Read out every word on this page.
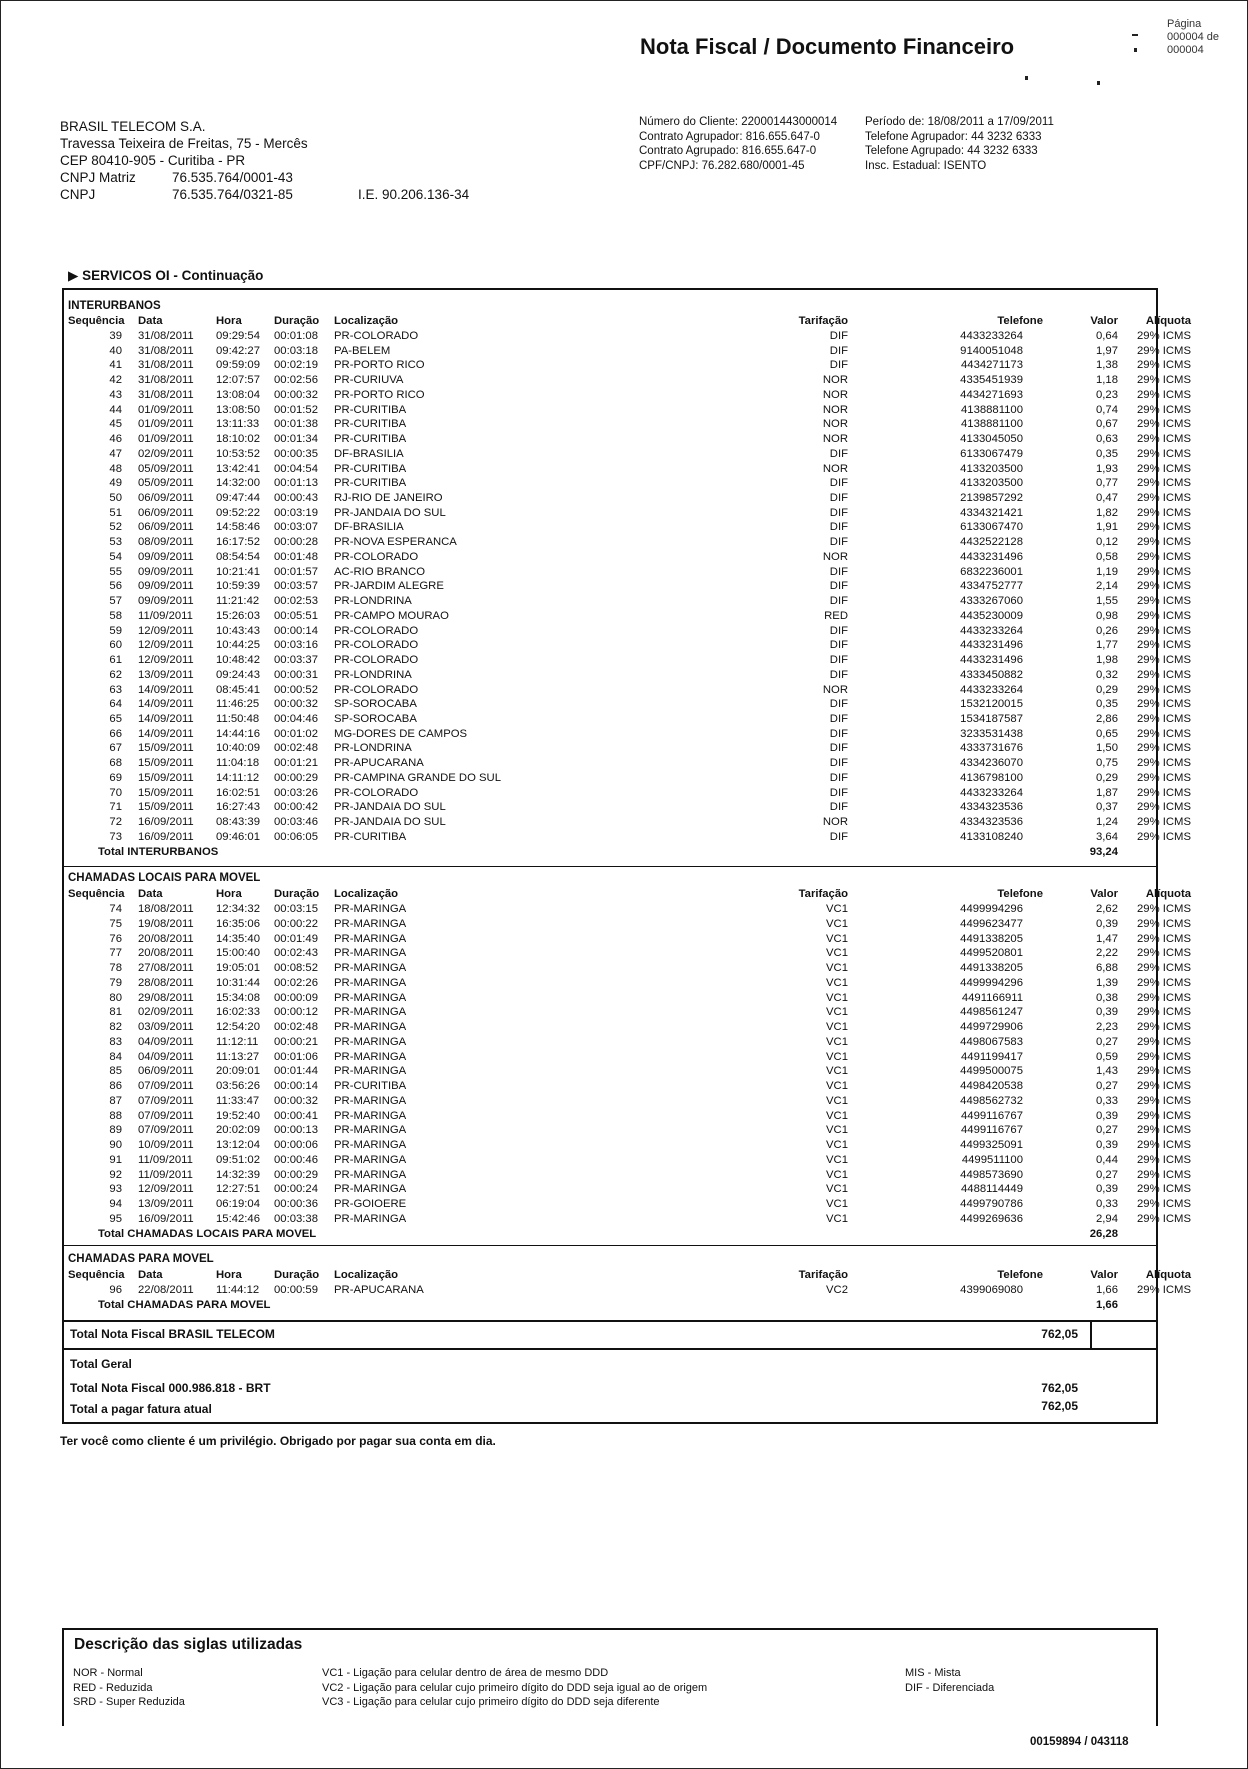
Nota Fiscal / Documento Financeiro
Página
000004 de
000004
BRASIL TELECOM S.A.
Travessa Teixeira de Freitas, 75 - Mercês
CEP 80410-905 - Curitiba - PR
CNPJ Matriz	76.535.764/0001-43
CNPJ	76.535.764/0321-85	I.E. 90.206.136-34
Número do Cliente: 220001443000014
Contrato Agrupador: 816.655.647-0
Contrato Agrupado: 816.655.647-0
CPF/CNPJ: 76.282.680/0001-45
Período de: 18/08/2011 a 17/09/2011
Telefone Agrupador: 44 3232 6333
Telefone Agrupado: 44 3232 6333
Insc. Estadual: ISENTO
▶ SERVICOS OI - Continuação
INTERURBANOS
Sequência Data	Hora	Duração Localização	Tarifação	Telefone	Valor	Alíquota
39 31/08/2011 09:29:54 00:01:08 PR-COLORADO	DIF	4433233264	0,64	29% ICMS
40 31/08/2011 09:42:27 00:03:18 PA-BELEM	DIF	9140051048	1,97	29% ICMS
41 31/08/2011 09:59:09 00:02:19 PR-PORTO RICO	DIF	4434271173	1,38	29% ICMS
42 31/08/2011 12:07:57 00:02:56 PR-CURIUVA	NOR	4335451939	1,18	29% ICMS
43 31/08/2011 13:08:04 00:00:32 PR-PORTO RICO	NOR	4434271693	0,23	29% ICMS
44 01/09/2011 13:08:50 00:01:52 PR-CURITIBA	NOR	4138881100	0,74	29% ICMS
45 01/09/2011 13:11:33 00:01:38 PR-CURITIBA	NOR	4138881100	0,67	29% ICMS
46 01/09/2011 18:10:02 00:01:34 PR-CURITIBA	NOR	4133045050	0,63	29% ICMS
47 02/09/2011 10:53:52 00:00:35 DF-BRASILIA	DIF	6133067479	0,35	29% ICMS
48 05/09/2011 13:42:41 00:04:54 PR-CURITIBA	NOR	4133203500	1,93	29% ICMS
49 05/09/2011 14:32:00 00:01:13 PR-CURITIBA	DIF	4133203500	0,77	29% ICMS
50 06/09/2011 09:47:44 00:00:43 RJ-RIO DE JANEIRO	DIF	2139857292	0,47	29% ICMS
51 06/09/2011 09:52:22 00:03:19 PR-JANDAIA DO SUL	DIF	4334321421	1,82	29% ICMS
52 06/09/2011 14:58:46 00:03:07 DF-BRASILIA	DIF	6133067470	1,91	29% ICMS
53 08/09/2011 16:17:52 00:00:28 PR-NOVA ESPERANCA	DIF	4432522128	0,12	29% ICMS
54 09/09/2011 08:54:54 00:01:48 PR-COLORADO	NOR	4433231496	0,58	29% ICMS
55 09/09/2011 10:21:41 00:01:57 AC-RIO BRANCO	DIF	6832236001	1,19	29% ICMS
56 09/09/2011 10:59:39 00:03:57 PR-JARDIM ALEGRE	DIF	4334752777	2,14	29% ICMS
57 09/09/2011 11:21:42 00:02:53 PR-LONDRINA	DIF	4333267060	1,55	29% ICMS
58 11/09/2011 15:26:03 00:05:51 PR-CAMPO MOURAO	RED	4435230009	0,98	29% ICMS
59 12/09/2011 10:43:43 00:00:14 PR-COLORADO	DIF	4433233264	0,26	29% ICMS
60 12/09/2011 10:44:25 00:03:16 PR-COLORADO	DIF	4433231496	1,77	29% ICMS
61 12/09/2011 10:48:42 00:03:37 PR-COLORADO	DIF	4433231496	1,98	29% ICMS
62 13/09/2011 09:24:43 00:00:31 PR-LONDRINA	DIF	4333450882	0,32	29% ICMS
63 14/09/2011 08:45:41 00:00:52 PR-COLORADO	NOR	4433233264	0,29	29% ICMS
64 14/09/2011 11:46:25 00:00:32 SP-SOROCABA	DIF	1532120015	0,35	29% ICMS
65 14/09/2011 11:50:48 00:04:46 SP-SOROCABA	DIF	1534187587	2,86	29% ICMS
66 14/09/2011 14:44:16 00:01:02 MG-DORES DE CAMPOS	DIF	3233531438	0,65	29% ICMS
67 15/09/2011 10:40:09 00:02:48 PR-LONDRINA	DIF	4333731676	1,50	29% ICMS
68 15/09/2011 11:04:18 00:01:21 PR-APUCARANA	DIF	4334236070	0,75	29% ICMS
69 15/09/2011 14:11:12 00:00:29 PR-CAMPINA GRANDE DO SUL	DIF	4136798100	0,29	29% ICMS
70 15/09/2011 16:02:51 00:03:26 PR-COLORADO	DIF	4433233264	1,87	29% ICMS
71 15/09/2011 16:27:43 00:00:42 PR-JANDAIA DO SUL	DIF	4334323536	0,37	29% ICMS
72 16/09/2011 08:43:39 00:03:46 PR-JANDAIA DO SUL	NOR	4334323536	1,24	29% ICMS
73 16/09/2011 09:46:01 00:06:05 PR-CURITIBA	DIF	4133108240	3,64	29% ICMS
Total INTERURBANOS	93,24
CHAMADAS LOCAIS PARA MOVEL
Sequência Data	Hora	Duração Localização	Tarifação	Telefone	Valor	Alíquota
74 18/08/2011 12:34:32 00:03:15 PR-MARINGA	VC1	4499994296	2,62	29% ICMS
75 19/08/2011 16:35:06 00:00:22 PR-MARINGA	VC1	4499623477	0,39	29% ICMS
76 20/08/2011 14:35:40 00:01:49 PR-MARINGA	VC1	4491338205	1,47	29% ICMS
77 20/08/2011 15:00:40 00:02:43 PR-MARINGA	VC1	4499520801	2,22	29% ICMS
78 27/08/2011 19:05:01 00:08:52 PR-MARINGA	VC1	4491338205	6,88	29% ICMS
79 28/08/2011 10:31:44 00:02:26 PR-MARINGA	VC1	4499994296	1,39	29% ICMS
80 29/08/2011 15:34:08 00:00:09 PR-MARINGA	VC1	4491166911	0,38	29% ICMS
81 02/09/2011 16:02:33 00:00:12 PR-MARINGA	VC1	4498561247	0,39	29% ICMS
82 03/09/2011 12:54:20 00:02:48 PR-MARINGA	VC1	4499729906	2,23	29% ICMS
83 04/09/2011 11:12:11 00:00:21 PR-MARINGA	VC1	4498067583	0,27	29% ICMS
84 04/09/2011 11:13:27 00:01:06 PR-MARINGA	VC1	4491199417	0,59	29% ICMS
85 06/09/2011 20:09:01 00:01:44 PR-MARINGA	VC1	4499500075	1,43	29% ICMS
86 07/09/2011 03:56:26 00:00:14 PR-CURITIBA	VC1	4498420538	0,27	29% ICMS
87 07/09/2011 11:33:47 00:00:32 PR-MARINGA	VC1	4498562732	0,33	29% ICMS
88 07/09/2011 19:52:40 00:00:41 PR-MARINGA	VC1	4499116767	0,39	29% ICMS
89 07/09/2011 20:02:09 00:00:13 PR-MARINGA	VC1	4499116767	0,27	29% ICMS
90 10/09/2011 13:12:04 00:00:06 PR-MARINGA	VC1	4499325091	0,39	29% ICMS
91 11/09/2011 09:51:02 00:00:46 PR-MARINGA	VC1	4499511100	0,44	29% ICMS
92 11/09/2011 14:32:39 00:00:29 PR-MARINGA	VC1	4498573690	0,27	29% ICMS
93 12/09/2011 12:27:51 00:00:24 PR-MARINGA	VC1	4488114449	0,39	29% ICMS
94 13/09/2011 06:19:04 00:00:36 PR-GOIOERE	VC1	4499790786	0,33	29% ICMS
95 16/09/2011 15:42:46 00:03:38 PR-MARINGA	VC1	4499269636	2,94	29% ICMS
Total CHAMADAS LOCAIS PARA MOVEL	26,28
CHAMADAS PARA MOVEL
Sequência Data	Hora	Duração Localização	Tarifação	Telefone	Valor	Alíquota
96 22/08/2011 11:44:12 00:00:59 PR-APUCARANA	VC2	4399069080	1,66	29% ICMS
Total CHAMADAS PARA MOVEL	1,66
Total Nota Fiscal BRASIL TELECOM	762,05
Total Geral
Total Nota Fiscal 000.986.818 - BRT	762,05
Total a pagar fatura atual	762,05
Ter você como cliente é um privilégio. Obrigado por pagar sua conta em dia.
Descrição das siglas utilizadas
NOR - Normal
RED - Reduzida
SRD - Super Reduzida
VC1 - Ligação para celular dentro de área de mesmo DDD
VC2 - Ligação para celular cujo primeiro dígito do DDD seja igual ao de origem
VC3 - Ligação para celular cujo primeiro dígito do DDD seja diferente
MIS - Mista
DIF - Diferenciada
00159894 / 043118
